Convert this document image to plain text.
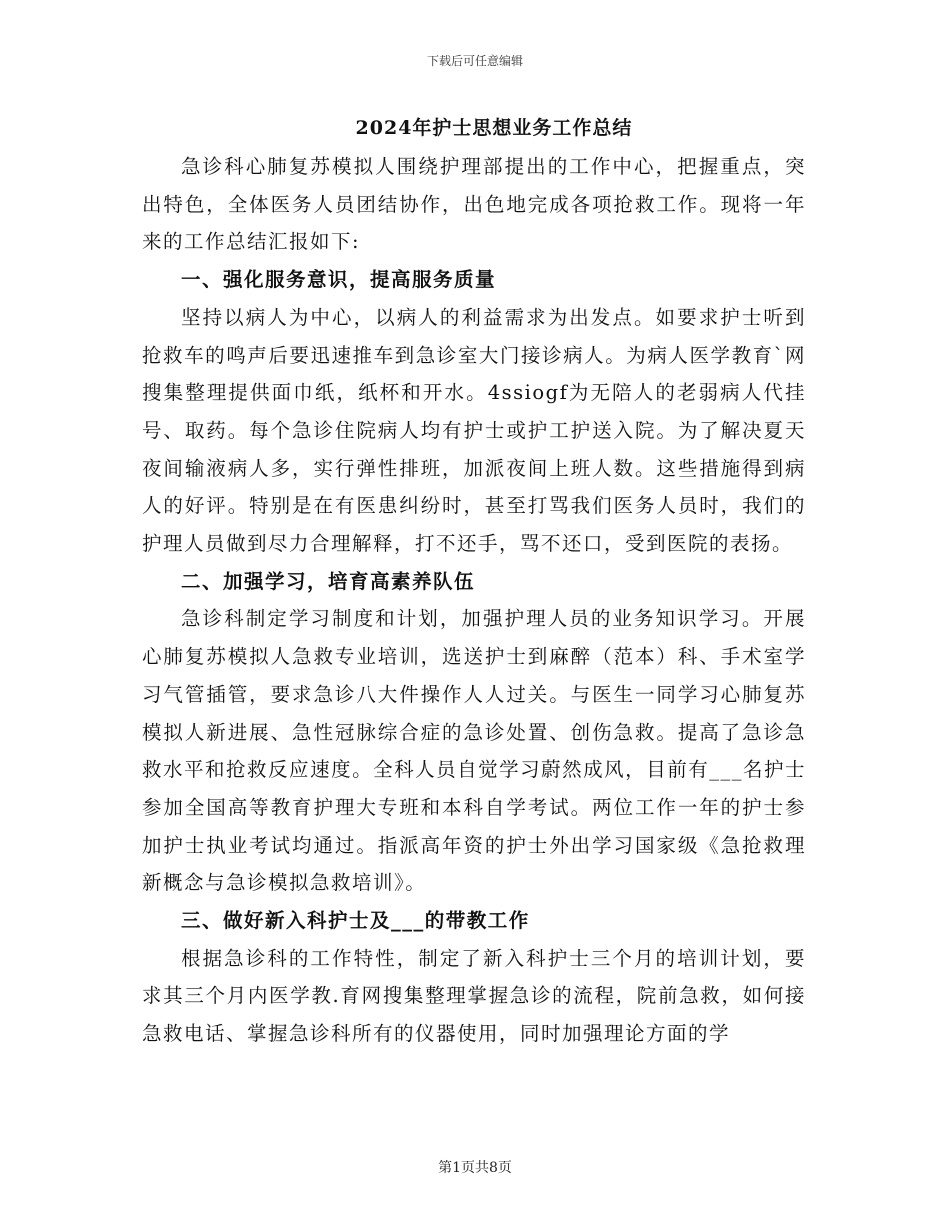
下载后可任意编辑
2024年护士思想业务工作总结

急诊科心肺复苏模拟人围绕护理部提出的工作中心，把握重点，突出特色，全体医务人员团结协作，出色地完成各项抢救工作。现将一年来的工作总结汇报如下:

一、强化服务意识，提高服务质量

坚持以病人为中心，以病人的利益需求为出发点。如要求护士听到抢救车的鸣声后要迅速推车到急诊室大门接诊病人。为病人医学教育`网搜集整理提供面巾纸，纸杯和开水。4ssiogf为无陪人的老弱病人代挂号、取药。每个急诊住院病人均有护士或护工护送入院。为了解决夏天夜间输液病人多，实行弹性排班，加派夜间上班人数。这些措施得到病人的好评。特别是在有医患纠纷时，甚至打骂我们医务人员时，我们的护理人员做到尽力合理解释，打不还手，骂不还口，受到医院的表扬。

二、加强学习，培育高素养队伍

急诊科制定学习制度和计划，加强护理人员的业务知识学习。开展心肺复苏模拟人急救专业培训，选送护士到麻醉（范本）科、手术室学习气管插管，要求急诊八大件操作人人过关。与医生一同学习心肺复苏模拟人新进展、急性冠脉综合症的急诊处置、创伤急救。提高了急诊急救水平和抢救反应速度。全科人员自觉学习蔚然成风，目前有___名护士参加全国高等教育护理大专班和本科自学考试。两位工作一年的护士参加护士执业考试均通过。指派高年资的护士外出学习国家级《急抢救理新概念与急诊模拟急救培训》。

三、做好新入科护士及___的带教工作

根据急诊科的工作特性，制定了新入科护士三个月的培训计划，要求其三个月内医学教.育网搜集整理掌握急诊的流程，院前急救，如何接急救电话、掌握急诊科所有的仪器使用，同时加强理论方面的学

第1页共8页
